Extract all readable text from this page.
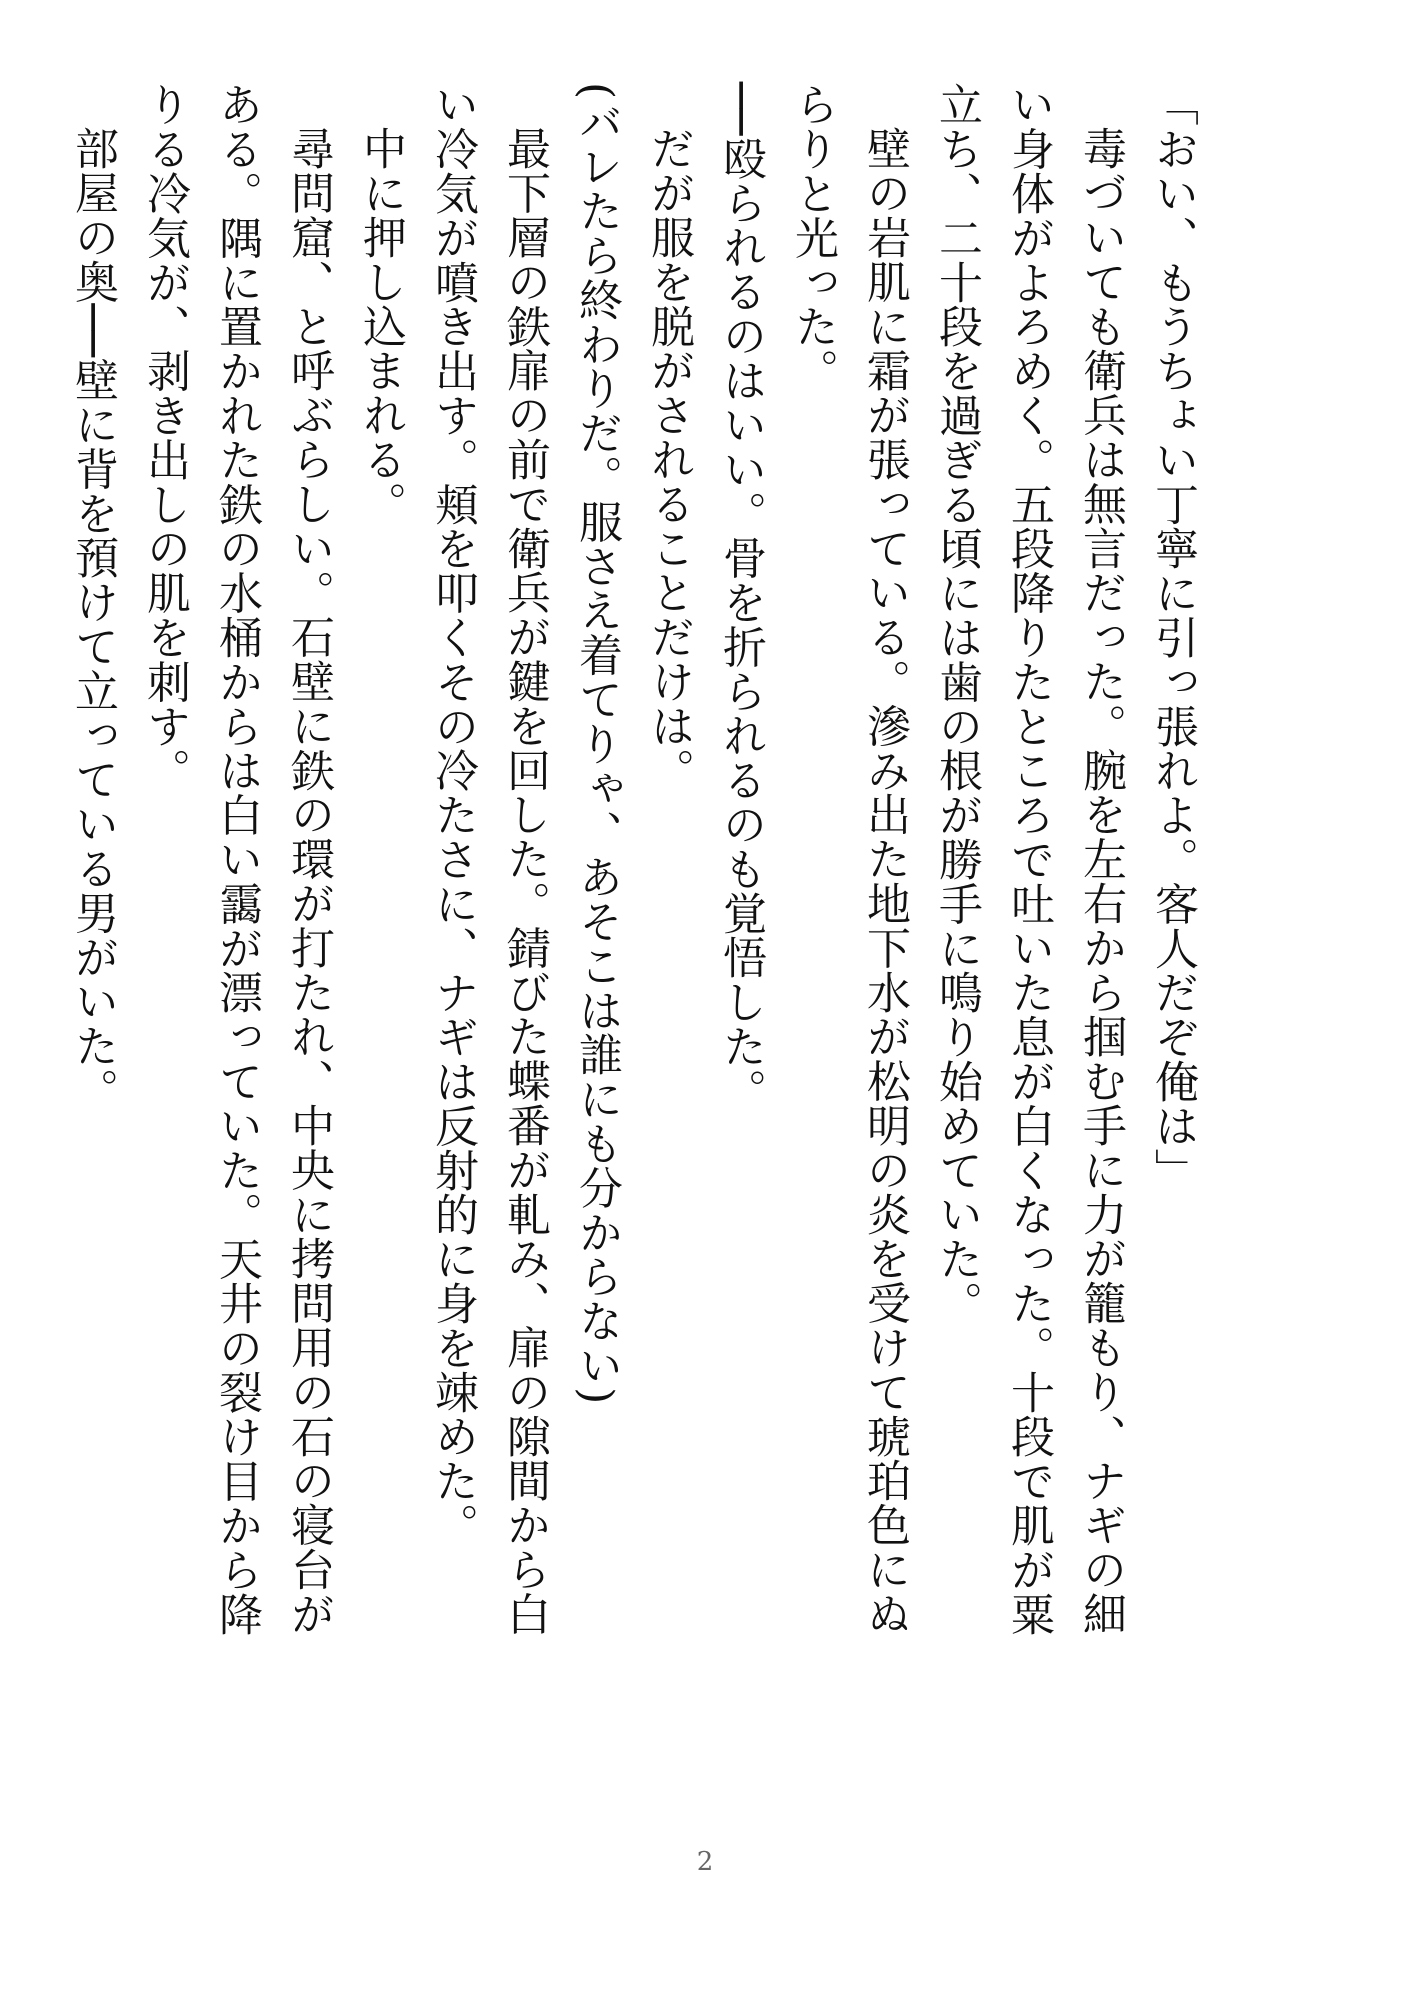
「おい、もうちょい丁寧に引っ張れよ。客人だぞ俺は」

毒づいても衛兵は無言だった。腕を左右から掴む手に力が籠もり、ナギの細い身体がよろめく。五段降りたところで吐いた息が白くなった。十段で肌が粟立ち、二十段を過ぎる頃には歯の根が勝手に鳴り始めていた。

壁の岩肌に霜が張っている。滲み出た地下水が松明の炎を受けて琥珀色にぬらりと光った。

──殴られるのはいい。骨を折られるのも覚悟した。

だが服を脱がされることだけは。

(バレたら終わりだ。服さえ着てりゃ、あそこは誰にも分からない)

最下層の鉄扉の前で衛兵が鍵を回した。錆びた蝶番が軋み、扉の隙間から白い冷気が噴き出す。頬を叩くその冷たさに、ナギは反射的に身を竦めた。

中に押し込まれる。

尋問窟、と呼ぶらしい。石壁に鉄の環が打たれ、中央に拷問用の石の寝台がある。隅に置かれた鉄の水桶からは白い靄が漂っていた。天井の裂け目から降りる冷気が、剥き出しの肌を刺す。

部屋の奥──壁に背を預けて立っている男がいた。

2
